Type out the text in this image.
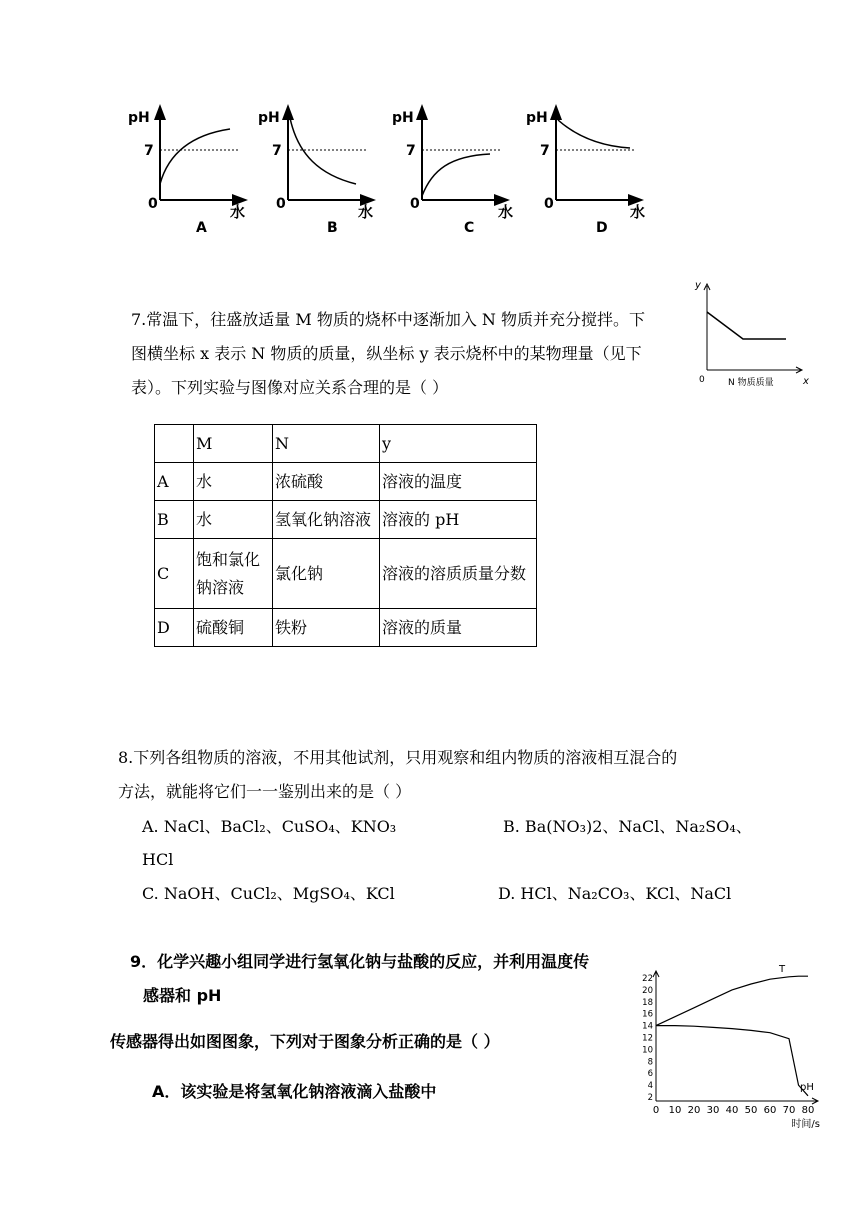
pH
7
0	水
A
pH
7
0	水
B
pH
7
0	水
C
pH
7
0	水
D
7.常温下，往盛放适量 M 物质的烧杯中逐渐加入 N 物质并充分搅拌。下
图横坐标 x 表示 N 物质的质量，纵坐标 y 表示烧杯中的某物理量（见下
表）。下列实验与图像对应关系合理的是（ ）
y
x
0	N 物质质量
	M	N	y
A	水	浓硫酸	溶液的温度
B	水	氢氧化钠溶液	溶液的 pH
C	饱和氯化
钠溶液	氯化钠	溶液的溶质质量分数
D	硫酸铜	铁粉	溶液的质量
8.下列各组物质的溶液，不用其他试剂，只用观察和组内物质的溶液相互混合的
方法，就能将它们一一鉴别出来的是（ ）
A. NaCl、BaCl₂、CuSO₄、KNO₃	B. Ba(NO₃)2、NaCl、Na₂SO₄、
HCl
C. NaOH、CuCl₂、MgSO₄、KCl	D. HCl、Na₂CO₃、KCl、NaCl
9．化学兴趣小组同学进行氢氧化钠与盐酸的反应，并利用温度传
感器和 pH
传感器得出如图图象，下列对于图象分析正确的是（ ）
A．该实验是将氢氧化钠溶液滴入盐酸中	2
4
6
8
10
12
14
16
18
20
22
0 10 20 30 40 50 60 70 80
时间/s
T
pH
